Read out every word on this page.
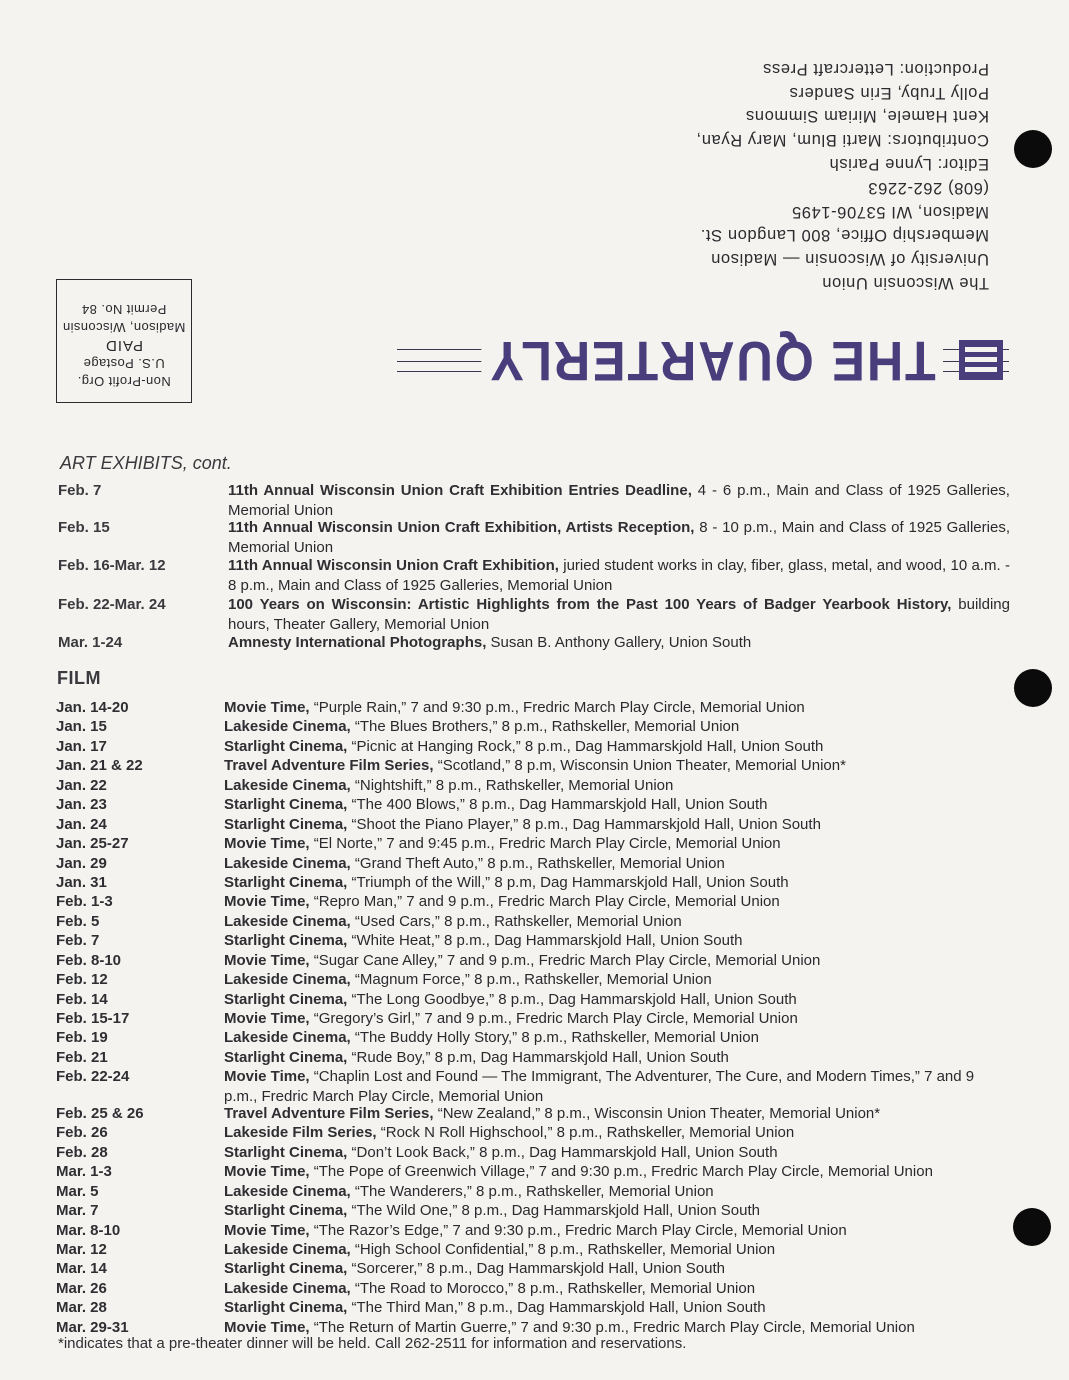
The Wisconsin Union
University of Wisconsin — Madison
Membership Office, 800 Langdon St.
Madison, WI 53706-1495
(608) 262-2263
Editor: Lynne Parish
Contributors: Marti Blum, Mary Ryan,
Kent Hamele, Miriam Simmons
Polly Truby, Erin Sanders
Production: Lettercraft Press
Non-Profit Org.
U.S. Postage
PAID
Madison, Wisconsin
Permit No. 84
THE QUARTERLY
ART EXHIBITS, cont.
Feb. 7	11th Annual Wisconsin Union Craft Exhibition Entries Deadline, 4 - 6 p.m., Main and Class of 1925 Galleries, Memorial Union
Feb. 15	11th Annual Wisconsin Union Craft Exhibition, Artists Reception, 8 - 10 p.m., Main and Class of 1925 Galleries, Memorial Union
Feb. 16-Mar. 12	11th Annual Wisconsin Union Craft Exhibition, juried student works in clay, fiber, glass, metal, and wood, 10 a.m. - 8 p.m., Main and Class of 1925 Galleries, Memorial Union
Feb. 22-Mar. 24	100 Years on Wisconsin: Artistic Highlights from the Past 100 Years of Badger Yearbook History, building hours, Theater Gallery, Memorial Union
Mar. 1-24	Amnesty International Photographs, Susan B. Anthony Gallery, Union South
FILM
Jan. 14-20	Movie Time, “Purple Rain,” 7 and 9:30 p.m., Fredric March Play Circle, Memorial Union
Jan. 15	Lakeside Cinema, “The Blues Brothers,” 8 p.m., Rathskeller, Memorial Union
Jan. 17	Starlight Cinema, “Picnic at Hanging Rock,” 8 p.m., Dag Hammarskjold Hall, Union South
Jan. 21 & 22	Travel Adventure Film Series, “Scotland,” 8 p.m, Wisconsin Union Theater, Memorial Union*
Jan. 22	Lakeside Cinema, “Nightshift,” 8 p.m., Rathskeller, Memorial Union
Jan. 23	Starlight Cinema, “The 400 Blows,” 8 p.m., Dag Hammarskjold Hall, Union South
Jan. 24	Starlight Cinema, “Shoot the Piano Player,” 8 p.m., Dag Hammarskjold Hall, Union South
Jan. 25-27	Movie Time, “El Norte,” 7 and 9:45 p.m., Fredric March Play Circle, Memorial Union
Jan. 29	Lakeside Cinema, “Grand Theft Auto,” 8 p.m., Rathskeller, Memorial Union
Jan. 31	Starlight Cinema, “Triumph of the Will,” 8 p.m, Dag Hammarskjold Hall, Union South
Feb. 1-3	Movie Time, “Repro Man,” 7 and 9 p.m., Fredric March Play Circle, Memorial Union
Feb. 5	Lakeside Cinema, “Used Cars,” 8 p.m., Rathskeller, Memorial Union
Feb. 7	Starlight Cinema, “White Heat,” 8 p.m., Dag Hammarskjold Hall, Union South
Feb. 8-10	Movie Time, “Sugar Cane Alley,” 7 and 9 p.m., Fredric March Play Circle, Memorial Union
Feb. 12	Lakeside Cinema, “Magnum Force,” 8 p.m., Rathskeller, Memorial Union
Feb. 14	Starlight Cinema, “The Long Goodbye,” 8 p.m., Dag Hammarskjold Hall, Union South
Feb. 15-17	Movie Time, “Gregory’s Girl,” 7 and 9 p.m., Fredric March Play Circle, Memorial Union
Feb. 19	Lakeside Cinema, “The Buddy Holly Story,” 8 p.m., Rathskeller, Memorial Union
Feb. 21	Starlight Cinema, “Rude Boy,” 8 p.m, Dag Hammarskjold Hall, Union South
Feb. 22-24	Movie Time, “Chaplin Lost and Found — The Immigrant, The Adventurer, The Cure, and Modern Times,” 7 and 9 p.m., Fredric March Play Circle, Memorial Union
Feb. 25 & 26	Travel Adventure Film Series, “New Zealand,” 8 p.m., Wisconsin Union Theater, Memorial Union*
Feb. 26	Lakeside Film Series, “Rock N Roll Highschool,” 8 p.m., Rathskeller, Memorial Union
Feb. 28	Starlight Cinema, “Don’t Look Back,” 8 p.m., Dag Hammarskjold Hall, Union South
Mar. 1-3	Movie Time, “The Pope of Greenwich Village,” 7 and 9:30 p.m., Fredric March Play Circle, Memorial Union
Mar. 5	Lakeside Cinema, “The Wanderers,” 8 p.m., Rathskeller, Memorial Union
Mar. 7	Starlight Cinema, “The Wild One,” 8 p.m., Dag Hammarskjold Hall, Union South
Mar. 8-10	Movie Time, “The Razor’s Edge,” 7 and 9:30 p.m., Fredric March Play Circle, Memorial Union
Mar. 12	Lakeside Cinema, “High School Confidential,” 8 p.m., Rathskeller, Memorial Union
Mar. 14	Starlight Cinema, “Sorcerer,” 8 p.m., Dag Hammarskjold Hall, Union South
Mar. 26	Lakeside Cinema, “The Road to Morocco,” 8 p.m., Rathskeller, Memorial Union
Mar. 28	Starlight Cinema, “The Third Man,” 8 p.m., Dag Hammarskjold Hall, Union South
Mar. 29-31	Movie Time, “The Return of Martin Guerre,” 7 and 9:30 p.m., Fredric March Play Circle, Memorial Union
*indicates that a pre-theater dinner will be held. Call 262-2511 for information and reservations.
